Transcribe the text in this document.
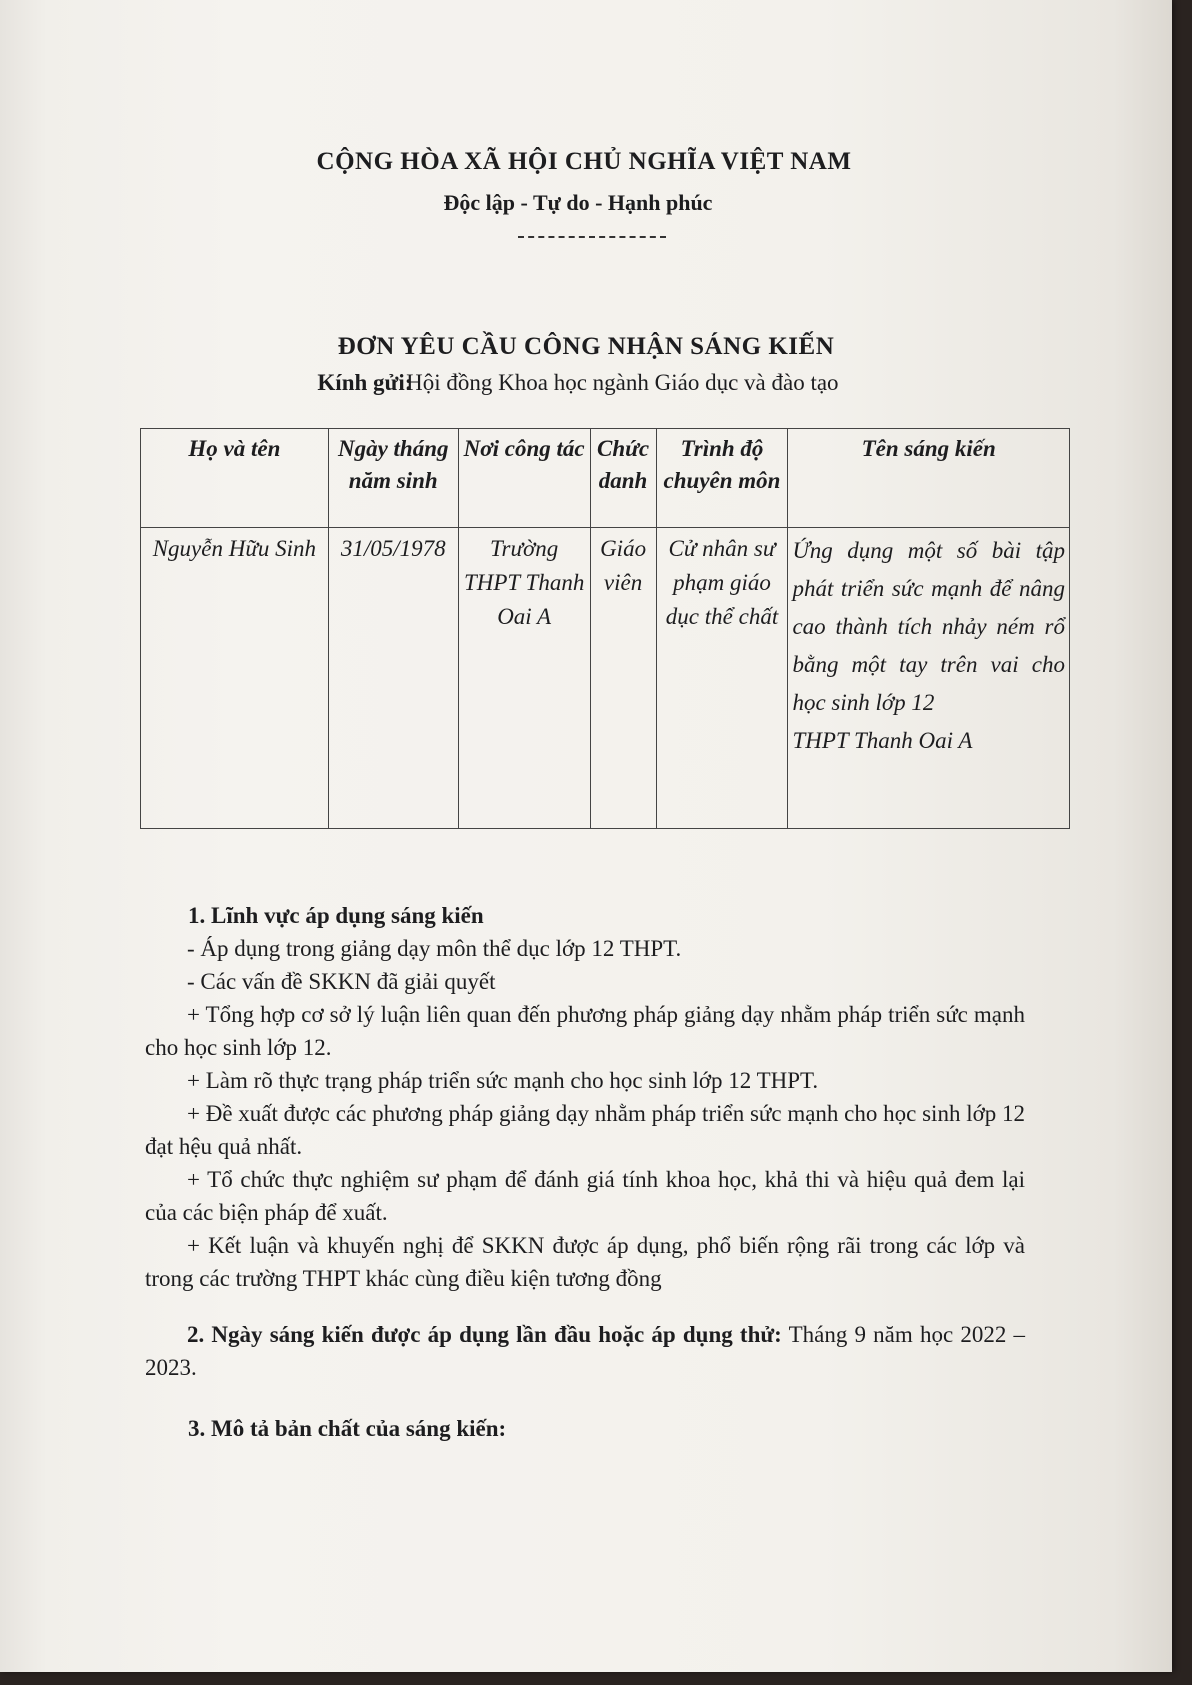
CỘNG HÒA XÃ HỘI CHỦ NGHĨA VIỆT NAM
Độc lập - Tự do - Hạnh phúc
ĐƠN YÊU CẦU CÔNG NHẬN SÁNG KIẾN
Kính gửi: Hội đồng Khoa học ngành Giáo dục và đào tạo
Họ và tên	Ngày tháng năm sinh	Nơi công tác	Chức danh	Trình độ chuyên môn	Tên sáng kiến
Nguyễn Hữu Sinh	31/05/1978	Trường THPT Thanh Oai A	Giáo viên	Cử nhân sư phạm giáo dục thể chất	Ứng dụng một số bài tập phát triển sức mạnh để nâng cao thành tích nhảy ném rổ bằng một tay trên vai cho học sinh lớp 12
THPT Thanh Oai A
1. Lĩnh vực áp dụng sáng kiến
- Áp dụng trong giảng dạy môn thể dục lớp 12 THPT.
- Các vấn đề SKKN đã giải quyết
+ Tổng hợp cơ sở lý luận liên quan đến phương pháp giảng dạy nhằm pháp triển sức mạnh cho học sinh lớp 12.
+ Làm rõ thực trạng pháp triển sức mạnh cho học sinh lớp 12 THPT.
+ Đề xuất được các phương pháp giảng dạy nhằm pháp triển sức mạnh cho học sinh lớp 12 đạt hệu quả nhất.
+ Tổ chức thực nghiệm sư phạm để đánh giá tính khoa học, khả thi và hiệu quả đem lại của các biện pháp để xuất.
+ Kết luận và khuyến nghị để SKKN được áp dụng, phổ biến rộng rãi trong các lớp và trong các trường THPT khác cùng điều kiện tương đồng
2. Ngày sáng kiến được áp dụng lần đầu hoặc áp dụng thử: Tháng 9 năm học 2022 – 2023.
3. Mô tả bản chất của sáng kiến:
